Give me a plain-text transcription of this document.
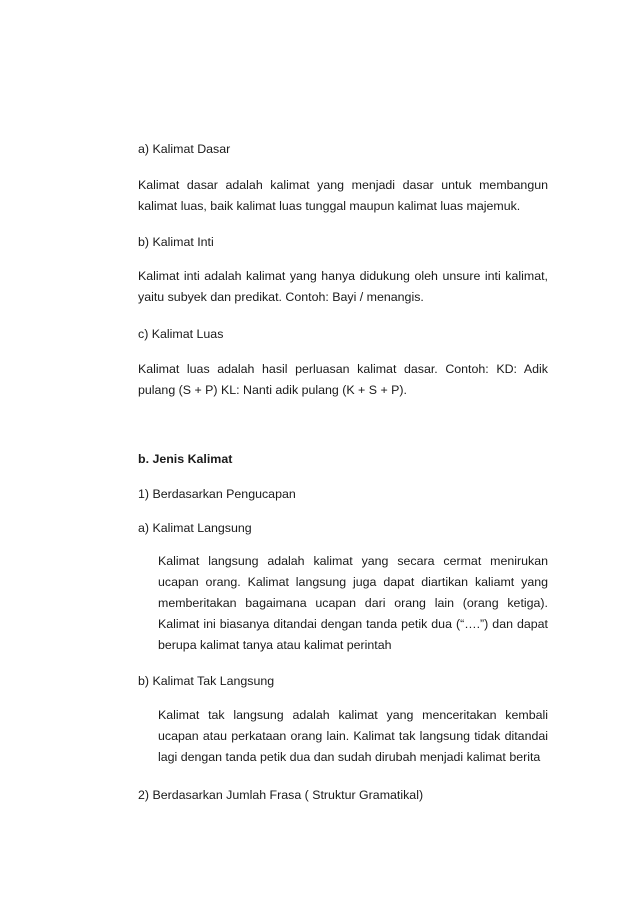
a) Kalimat Dasar

Kalimat dasar adalah kalimat yang menjadi dasar untuk membangun kalimat luas, baik kalimat luas tunggal maupun kalimat luas majemuk.

b) Kalimat Inti

Kalimat inti adalah kalimat yang hanya didukung oleh unsure inti kalimat, yaitu subyek dan predikat. Contoh: Bayi / menangis.

c) Kalimat Luas

Kalimat luas adalah hasil perluasan kalimat dasar. Contoh: KD: Adik pulang (S + P) KL: Nanti adik pulang (K + S + P).

b. Jenis Kalimat

1) Berdasarkan Pengucapan

a) Kalimat Langsung

Kalimat langsung adalah kalimat yang secara cermat menirukan ucapan orang. Kalimat langsung juga dapat diartikan kaliamt yang memberitakan bagaimana ucapan dari orang lain (orang ketiga). Kalimat ini biasanya ditandai dengan tanda petik dua (“….”) dan dapat berupa kalimat tanya atau kalimat perintah

b) Kalimat Tak Langsung

Kalimat tak langsung adalah kalimat yang menceritakan kembali ucapan atau perkataan orang lain. Kalimat tak langsung tidak ditandai lagi dengan tanda petik dua dan sudah dirubah menjadi kalimat berita

2) Berdasarkan Jumlah Frasa ( Struktur Gramatikal)
